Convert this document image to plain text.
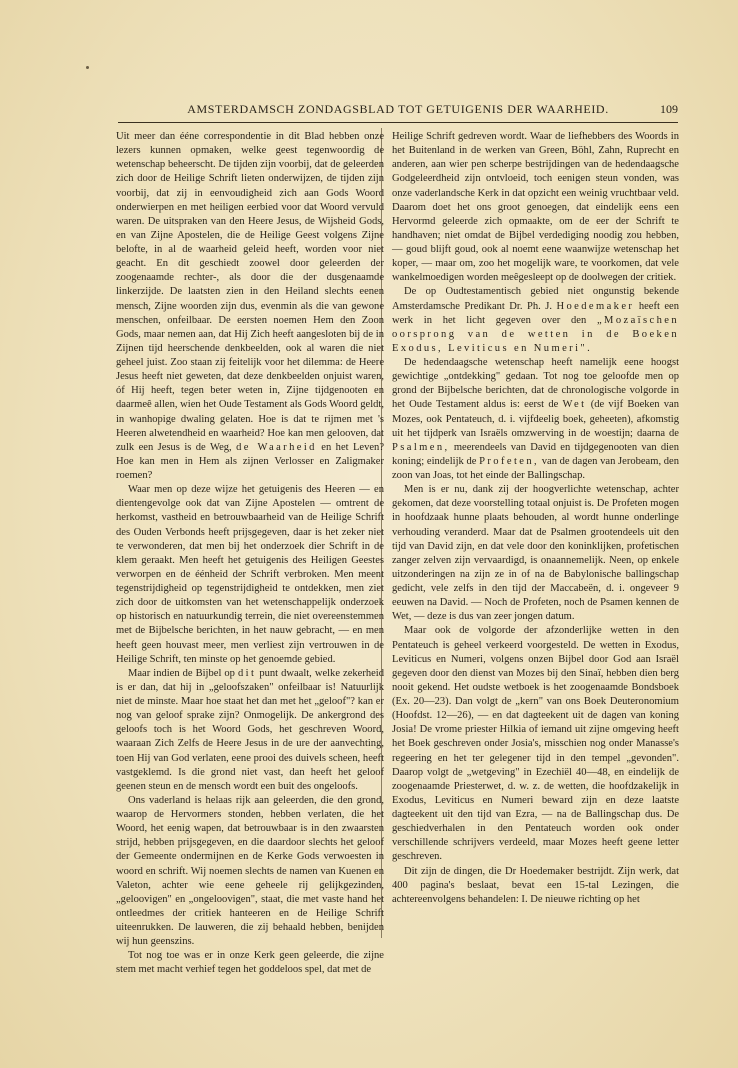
AMSTERDAMSCH ZONDAGSBLAD TOT GETUIGENIS DER WAARHEID.	109

Uit meer dan ééne correspondentie in dit Blad hebben onze lezers kunnen opmaken, welke geest tegenwoordig de wetenschap beheerscht. De tijden zijn voorbij, dat de geleerden zich door de Heilige Schrift lieten onderwijzen, de tijden zijn voorbij, dat zij in eenvoudigheid zich aan Gods Woord onderwierpen en met heiligen eerbied voor dat Woord vervuld waren. De uitspraken van den Heere Jesus, de Wijsheid Gods, en van Zijne Apostelen, die de Heilige Geest volgens Zijne belofte, in al de waarheid geleid heeft, worden voor niet geacht. En dit geschiedt zoowel door geleerden der zoogenaamde rechter-, als door die der dusgenaamde linkerzijde. De laatsten zien in den Heiland slechts eenen mensch, Zijne woorden zijn dus, evenmin als die van gewone menschen, onfeilbaar. De eersten noemen Hem den Zoon Gods, maar nemen aan, dat Hij Zich heeft aangesloten bij de in Zijnen tijd heerschende denkbeelden, ook al waren die niet geheel juist. Zoo staan zij feitelijk voor het dilemma: de Heere Jesus heeft niet geweten, dat deze denkbeelden onjuist waren, óf Hij heeft, tegen beter weten in, Zijne tijdgenooten en daarmeê allen, wien het Oude Testament als Gods Woord geldt, in wanhopige dwaling gelaten. Hoe is dat te rijmen met 's Heeren alwetendheid en waarheid? Hoe kan men gelooven, dat zulk een Jesus is de Weg, de Waarheid en het Leven? Hoe kan men in Hem als zijnen Verlosser en Zaligmaker roemen?

Waar men op deze wijze het getuigenis des Heeren — en dientengevolge ook dat van Zijne Apostelen — omtrent de herkomst, vastheid en betrouwbaarheid van de Heilige Schrift des Ouden Verbonds heeft prijsgegeven, daar is het zeker niet te verwonderen, dat men bij het onderzoek dier Schrift in de klem geraakt. Men heeft het getuigenis des Heiligen Geestes verworpen en de éénheid der Schrift verbroken. Men meent tegenstrijdigheid op tegenstrijdigheid te ontdekken, men ziet zich door de uitkomsten van het wetenschappelijk onderzoek op historisch en natuurkundig terrein, die niet overeenstemmen met de Bijbelsche berichten, in het nauw gebracht, — en men heeft geen houvast meer, men verliest zijn vertrouwen in de Heilige Schrift, ten minste op het genoemde gebied.

Maar indien de Bijbel op dit punt dwaalt, welke zekerheid is er dan, dat hij in „geloofszaken" onfeilbaar is! Natuurlijk niet de minste. Maar hoe staat het dan met het „geloof"? kan er nog van geloof sprake zijn? Onmogelijk. De ankergrond des geloofs toch is het Woord Gods, het geschreven Woord, waaraan Zich Zelfs de Heere Jesus in de ure der aanvechting, toen Hij van God verlaten, eene prooi des duivels scheen, heeft vastgeklemd. Is die grond niet vast, dan heeft het geloof geenen steun en de mensch wordt een buit des ongeloofs.

Ons vaderland is helaas rijk aan geleerden, die den grond, waarop de Hervormers stonden, hebben verlaten, die het Woord, het eenig wapen, dat betrouwbaar is in den zwaarsten strijd, hebben prijsgegeven, en die daardoor slechts het geloof der Gemeente ondermijnen en de Kerke Gods verwoesten in woord en schrift. Wij noemen slechts de namen van Kuenen en Valeton, achter wie eene geheele rij gelijkgezinden, „geloovigen" en „ongeloovigen", staat, die met vaste hand het ontleedmes der critiek hanteeren en de Heilige Schrift uiteenrukken. De lauweren, die zij behaald hebben, benijden wij hun geenszins.

Tot nog toe was er in onze Kerk geen geleerde, die zijne stem met macht verhief tegen het goddeloos spel, dat met de

Heilige Schrift gedreven wordt. Waar de liefhebbers des Woords in het Buitenland in de werken van Green, Böhl, Zahn, Ruprecht en anderen, aan wier pen scherpe bestrijdingen van de hedendaagsche Godgeleerdheid zijn ontvloeid, toch eenigen steun vonden, was onze vaderlandsche Kerk in dat opzicht een weinig vruchtbaar veld. Daarom doet het ons groot genoegen, dat eindelijk eens een Hervormd geleerde zich opmaakte, om de eer der Schrift te handhaven; niet omdat de Bijbel verdediging noodig zou hebben, — goud blijft goud, ook al noemt eene waanwijze wetenschap het koper, — maar om, zoo het mogelijk ware, te voorkomen, dat vele wankelmoedigen worden meêgesleept op de doolwegen der critiek.

De op Oudtestamentisch gebied niet ongunstig bekende Amsterdamsche Predikant Dr. Ph. J. Hoedemaker heeft een werk in het licht gegeven over den „Mozaïschen oorsprong van de wetten in de Boeken Exodus, Leviticus en Numeri".

De hedendaagsche wetenschap heeft namelijk eene hoogst gewichtige „ontdekking" gedaan. Tot nog toe geloofde men op grond der Bijbelsche berichten, dat de chronologische volgorde in het Oude Testament aldus is: eerst de Wet (de vijf Boeken van Mozes, ook Pentateuch, d. i. vijfdeelig boek, geheeten), afkomstig uit het tijdperk van Israëls omzwerving in de woestijn; daarna de Psalmen, meerendeels van David en tijdgegenooten van dien koning; eindelijk de Profeten, van de dagen van Jerobeam, den zoon van Joas, tot het einde der Ballingschap.

Men is er nu, dank zij der hoogverlichte wetenschap, achter gekomen, dat deze voorstelling totaal onjuist is. De Profeten mogen in hoofdzaak hunne plaats behouden, al wordt hunne onderlinge verhouding veranderd. Maar dat de Psalmen grootendeels uit den tijd van David zijn, en dat vele door den koninklijken, profetischen zanger zelven zijn vervaardigd, is onaannemelijk. Neen, op enkele uitzonderingen na zijn ze in of na de Babylonische ballingschap gedicht, vele zelfs in den tijd der Maccabeën, d. i. ongeveer 9 eeuwen na David. — Noch de Profeten, noch de Psamen kennen de Wet, — deze is dus van zeer jongen datum.

Maar ook de volgorde der afzonderlijke wetten in den Pentateuch is geheel verkeerd voorgesteld. De wetten in Exodus, Leviticus en Numeri, volgens onzen Bijbel door God aan Israël gegeven door den dienst van Mozes bij den Sinaï, hebben dien berg nooit gekend. Het oudste wetboek is het zoogenaamde Bondsboek (Ex. 20—23). Dan volgt de „kern" van ons Boek Deuteronomium (Hoofdst. 12—26), — en dat dagteekent uit de dagen van koning Josia! De vrome priester Hilkia of iemand uit zijne omgeving heeft het Boek geschreven onder Josia's, misschien nog onder Manasse's regeering en het ter gelegener tijd in den tempel „gevonden". Daarop volgt de „wetgeving" in Ezechiël 40—48, en eindelijk de zoogenaamde Priesterwet, d. w. z. de wetten, die hoofdzakelijk in Exodus, Leviticus en Numeri beward zijn en deze laatste dagteekent uit den tijd van Ezra, — na de Ballingschap dus. De geschiedverhalen in den Pentateuch worden ook onder verschillende schrijvers verdeeld, maar Mozes heeft geene letter geschreven.

Dit zijn de dingen, die Dr Hoedemaker bestrijdt. Zijn werk, dat 400 pagina's beslaat, bevat een 15-tal Lezingen, die achtereenvolgens behandelen: I. De nieuwe richting op het
